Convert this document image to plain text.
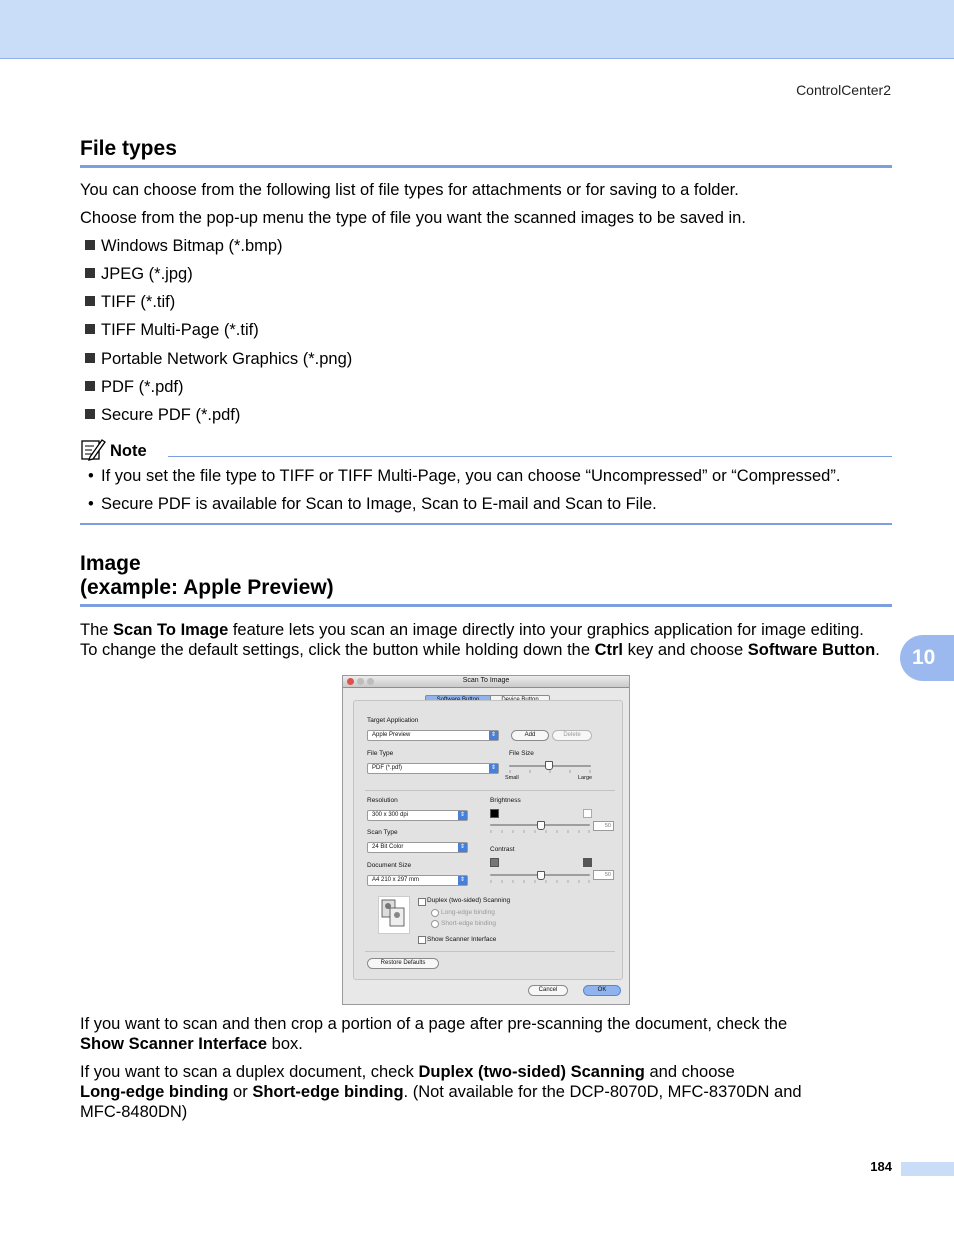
ControlCenter2
File types

You can choose from the following list of file types for attachments or for saving to a folder.

Choose from the pop-up menu the type of file you want the scanned images to be saved in.

Windows Bitmap (*.bmp)
JPEG (*.jpg)
TIFF (*.tif)
TIFF Multi-Page (*.tif)
Portable Network Graphics (*.png)
PDF (*.pdf)
Secure PDF (*.pdf)
Note
• If you set the file type to TIFF or TIFF Multi-Page, you can choose “Uncompressed” or “Compressed”.
• Secure PDF is available for Scan to Image, Scan to E-mail and Scan to File.
Image
(example: Apple Preview)

The Scan To Image feature lets you scan an image directly into your graphics application for image editing.

To change the default settings, click the button while holding down the Ctrl key and choose Software Button.	10
Scan To Image
Target Application
Apple Preview	⇕	Add	Delete
File Type
PDF (*.pdf)	⇕
File Size
Small	Large
Resolution
300 x 300 dpi	⇕
Scan Type
24 Bit Color	⇕
Document Size
A4 210 x 297 mm	⇕
Brightness
50
Contrast
50
Duplex (two-sided) Scanning
Long-edge binding
Short-edge binding
Show Scanner Interface
Restore Defaults
Cancel	OK

If you want to scan and then crop a portion of a page after pre-scanning the document, check the

Show Scanner Interface box.

If you want to scan a duplex document, check Duplex (two-sided) Scanning and choose

Long-edge binding or Short-edge binding. (Not available for the DCP-8070D, MFC-8370DN and

MFC-8480DN)

184
